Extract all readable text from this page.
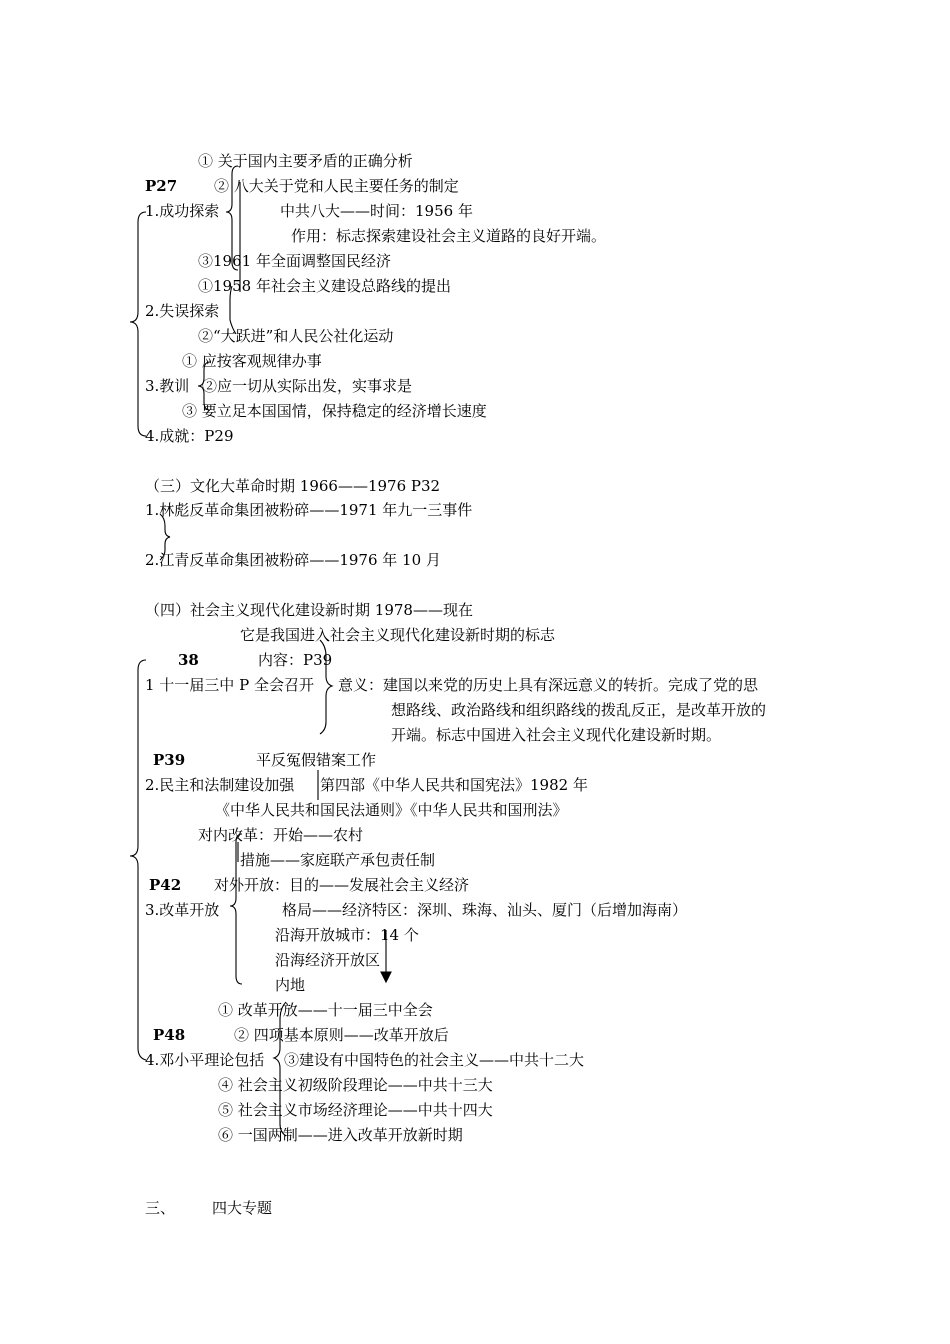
① 关于国内主要矛盾的正确分析
P27 ② 八大关于党和人民主要任务的制定
1.成功探索	中共八大——时间：1956 年
作用：标志探索建设社会主义道路的良好开端。
③1961 年全面调整国民经济
①1958 年社会主义建设总路线的提出
2.失误探索
②“大跃进”和人民公社化运动
① 应按客观规律办事
3.教训 ②应一切从实际出发，实事求是
③ 要立足本国国情，保持稳定的经济增长速度
4.成就：P29
（三）文化大革命时期 1966——1976 P32
1.林彪反革命集团被粉碎——1971 年九一三事件
2.江青反革命集团被粉碎——1976 年 10 月
（四）社会主义现代化建设新时期 1978——现在
它是我国进入社会主义现代化建设新时期的标志
38	内容：P39
1 十一届三中 P 全会召开 意义：建国以来党的历史上具有深远意义的转折。完成了党的思
想路线、政治路线和组织路线的拨乱反正，是改革开放的
开端。标志中国进入社会主义现代化建设新时期。
P39	平反冤假错案工作
2.民主和法制建设加强 第四部《中华人民共和国宪法》1982 年
《中华人民共和国民法通则》《中华人民共和国刑法》
对内改革：开始——农村
措施——家庭联产承包责任制
P42 对外开放：目的——发展社会主义经济
3.改革开放	格局——经济特区：深圳、珠海、汕头、厦门（后增加海南）
沿海开放城市：14 个
沿海经济开放区
内地
① 改革开放——十一届三中全会
P48	② 四项基本原则——改革开放后
4.邓小平理论包括 ③建设有中国特色的社会主义——中共十二大
④ 社会主义初级阶段理论——中共十三大
⑤ 社会主义市场经济理论——中共十四大
⑥ 一国两制——进入改革开放新时期
三、 四大专题
